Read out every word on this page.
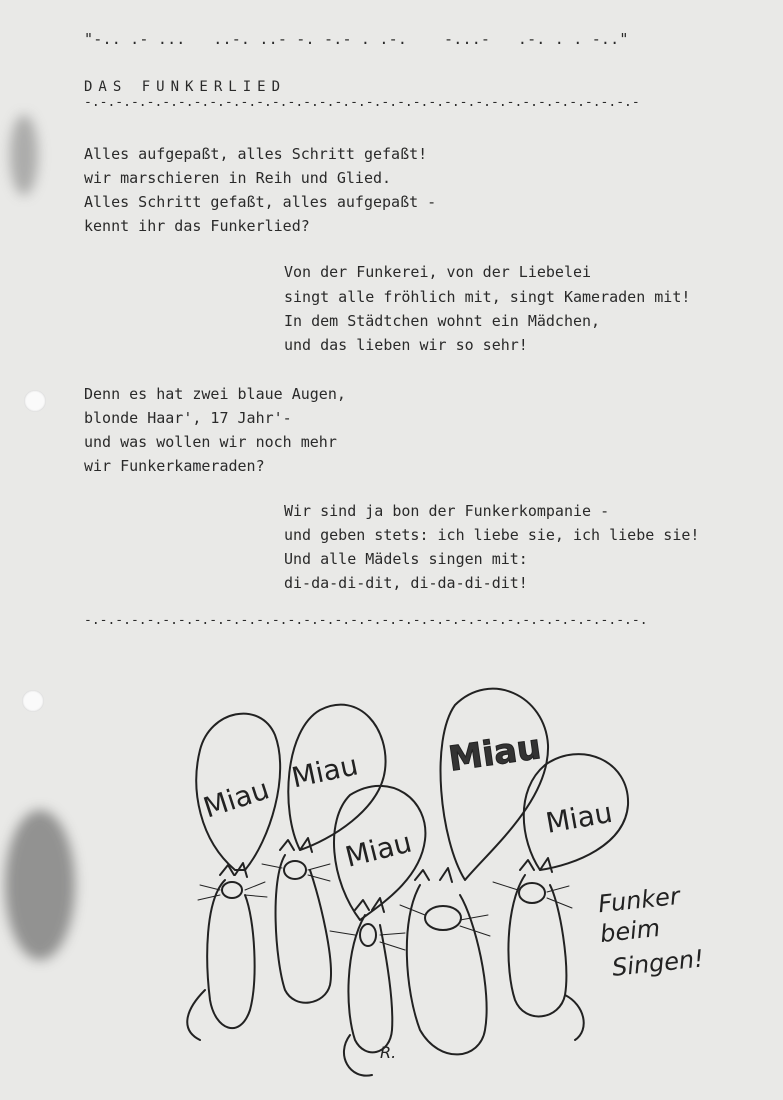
"-.. .- ...   ..-. ..- -. -.- . .-.    -...-   .-. . . -.."
DAS FUNKERLIED
-.-.-.-.-.-.-.-.-.-.-.-.-.-.-.-.-.-.-.-.-.-.-.-.-.-.-.-.-.-.-.-.-.-.-.-
Alles aufgepaßt, alles Schritt gefaßt!
wir marschieren in Reih und Glied.
Alles Schritt gefaßt, alles aufgepaßt -
kennt ihr das Funkerlied?
Von der Funkerei, von der Liebelei
singt alle fröhlich mit, singt Kameraden mit!
In dem Städtchen wohnt ein Mädchen,
und das lieben wir so sehr!
Denn es hat zwei blaue Augen,
blonde Haar', 17 Jahr'-
und was wollen wir noch mehr
wir Funkerkameraden?
Wir sind ja bon der Funkerkompanie -
und geben stets: ich liebe sie, ich liebe sie!
Und alle Mädels singen mit:
di-da-di-dit, di-da-di-dit!
-.-.-.-.-.-.-.-.-.-.-.-.-.-.-.-.-.-.-.-.-.-.-.-.-.-.-.-.-.-.-.-.-.-.-.-.
Miau
Miau
Miau
Miau
Miau
Funker
beim
Singen!
R.
